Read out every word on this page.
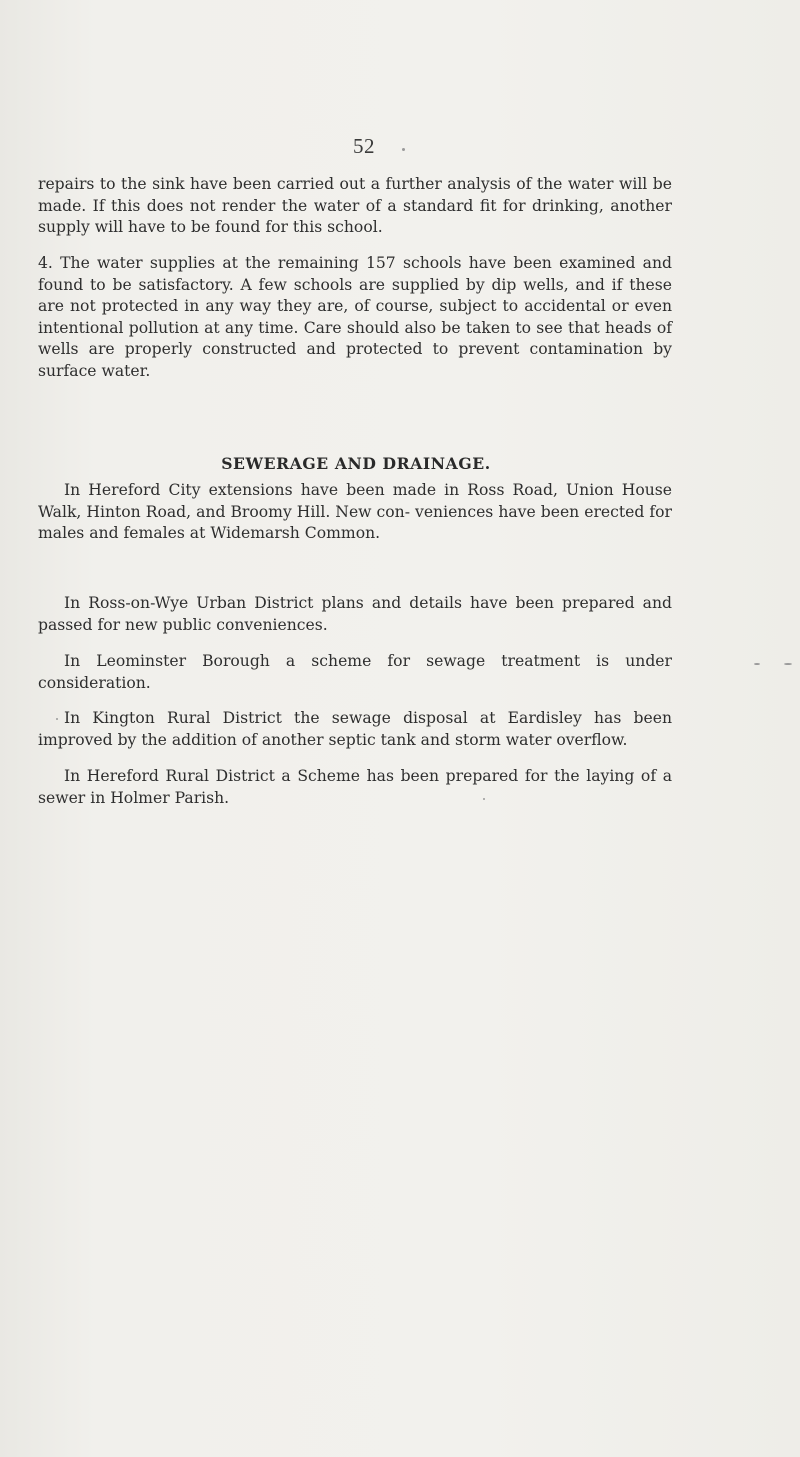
52

repairs to the sink have been carried out a further analysis of the water will be made. If this does not render the water of a standard fit for drinking, another supply will have to be found for this school.

4. The water supplies at the remaining 157 schools have been examined and found to be satisfactory. A few schools are supplied by dip wells, and if these are not protected in any way they are, of course, subject to accidental or even intentional pollution at any time. Care should also be taken to see that heads of wells are properly constructed and protected to prevent contamination by surface water.

SEWERAGE AND DRAINAGE.

In Hereford City extensions have been made in Ross Road, Union House Walk, Hinton Road, and Broomy Hill. New con- veniences have been erected for males and females at Widemarsh Common.

In Ross-on-Wye Urban District plans and details have been prepared and passed for new public conveniences.

In Leominster Borough a scheme for sewage treatment is under consideration.

In Kington Rural District the sewage disposal at Eardisley has been improved by the addition of another septic tank and storm water overflow.

In Hereford Rural District a Scheme has been prepared for the laying of a sewer in Holmer Parish.
